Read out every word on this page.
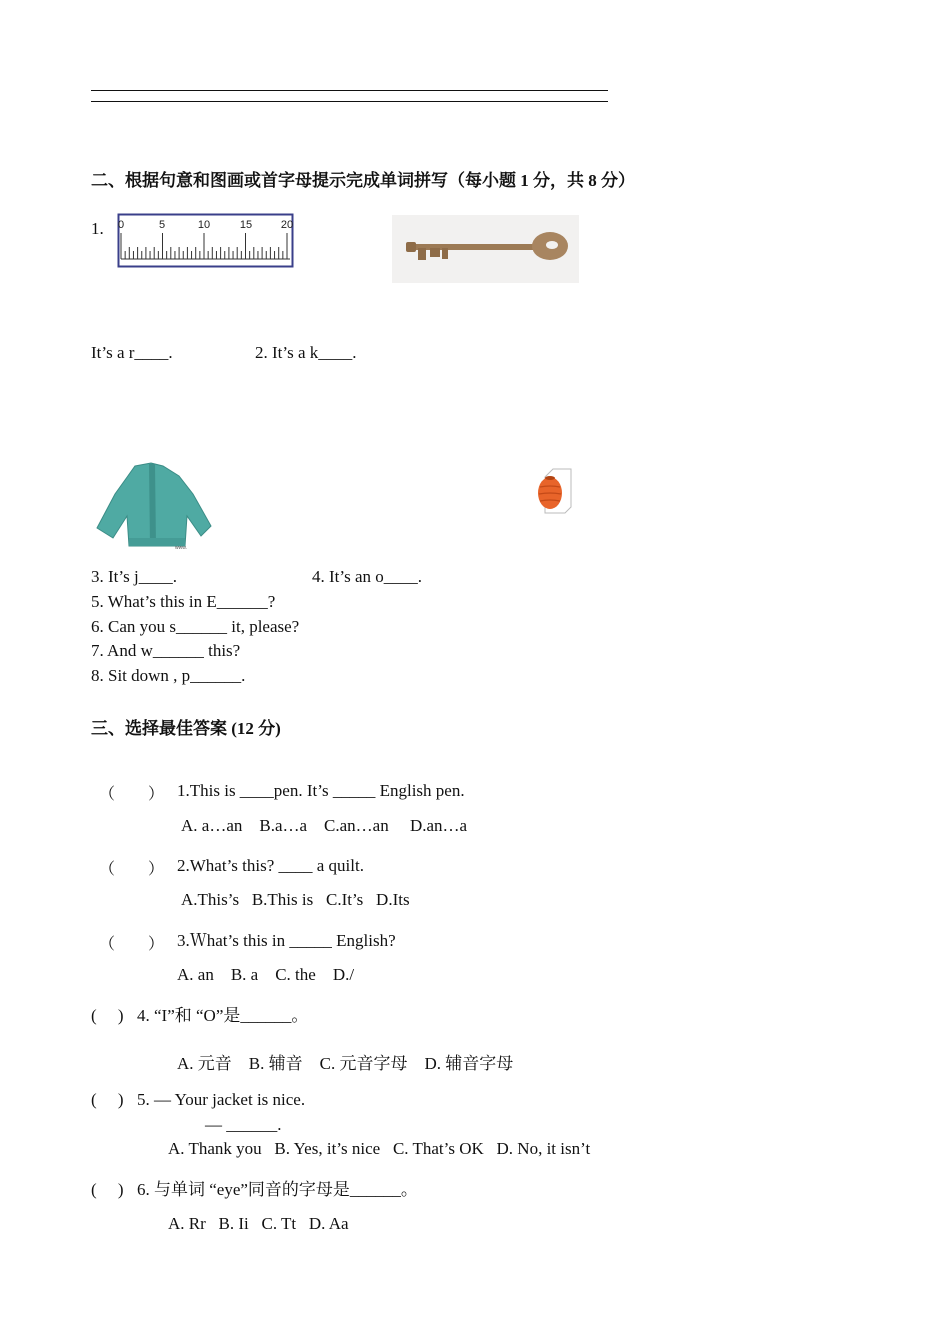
二、根据句意和图画或首字母提示完成单词拼写（每小题 1 分，共 8 分）
1. 0	5	10	15	20
It’s a r____.	2. It’s a k____.
www.
3. It’s j____.	4. It’s an o____.
5. What’s this in E______?
6. Can you s______ it, please?
7. And w______ this?
8. Sit down , p______.
三、选择最佳答案 (12 分)
（ ） 1.This is ____pen. It’s _____ English pen.
A. a…an    B.a…a    C.an…an     D.an…a
（ ） 2.What’s this? ____ a quilt.
A.This’s   B.This is   C.It’s   D.Its
（ ） 3.Ｗhat’s this in _____ English?
A. an    B. a    C. the    D./
(     ) 4. “I”和 “O”是______。
A. 元音    B. 辅音    C. 元音字母    D. 辅音字母
(     ) 5. — Your jacket is nice.
— ______.
A. Thank you   B. Yes, it’s nice   C. That’s OK   D. No, it isn’t
(     ) 6. 与单词 “eye”同音的字母是______。
A. Rr   B. Ii   C. Tt   D. Aa
